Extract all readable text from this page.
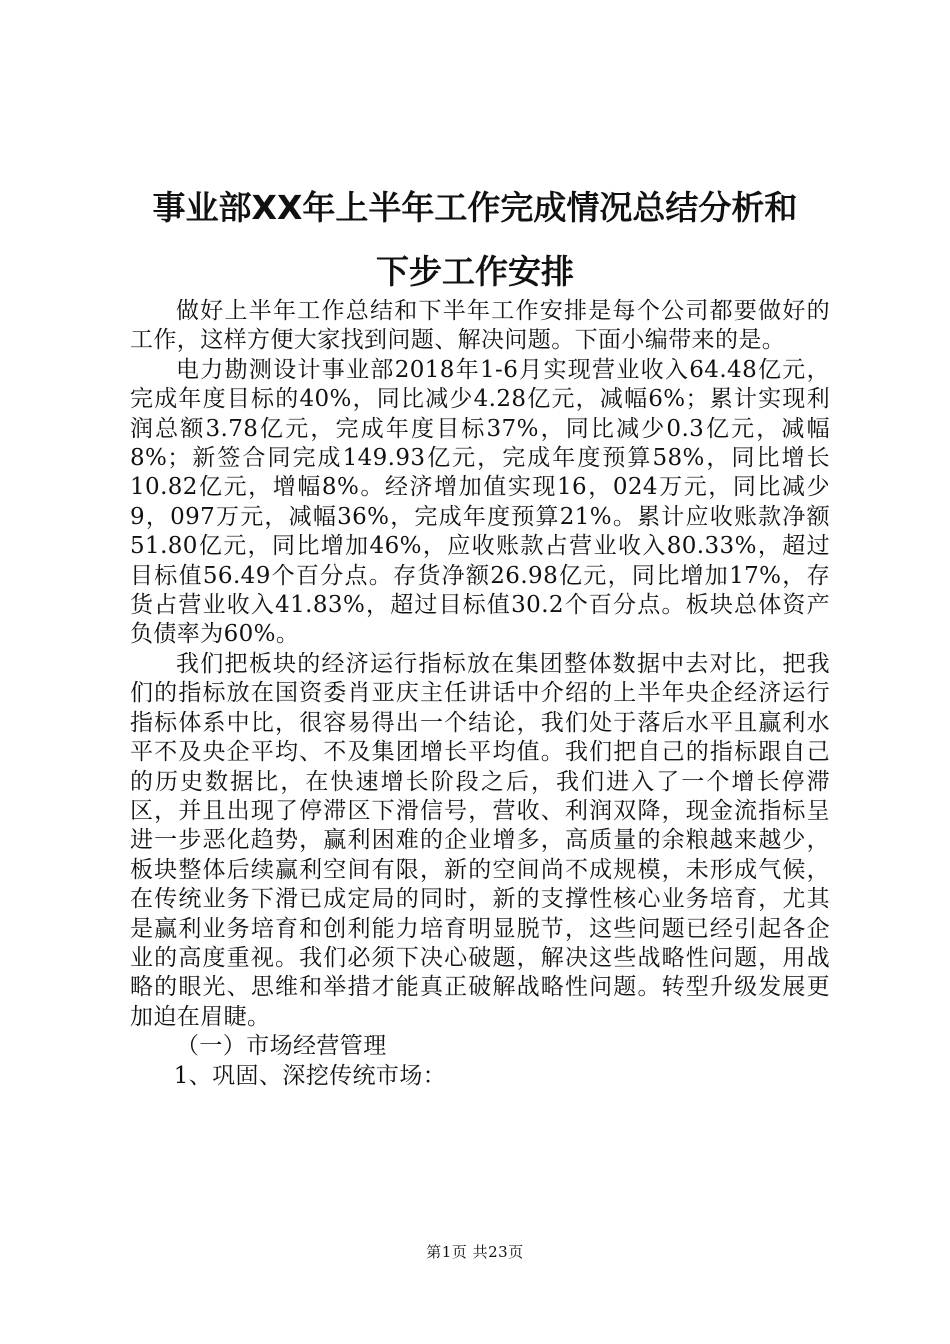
事业部XX年上半年工作完成情况总结分析和
下步工作安排

做好上半年工作总结和下半年工作安排是每个公司都要做好的工作，这样方便大家找到问题、解决问题。下面小编带来的是。

电力勘测设计事业部2018年1-6月实现营业收入64.48亿元，完成年度目标的40%，同比减少4.28亿元，减幅6%；累计实现利润总额3.78亿元，完成年度目标37%，同比减少0.3亿元，减幅8%；新签合同完成149.93亿元，完成年度预算58%，同比增长10.82亿元，增幅8%。经济增加值实现16，024万元，同比减少9，097万元，减幅36%，完成年度预算21%。累计应收账款净额51.80亿元，同比增加46%，应收账款占营业收入80.33%，超过目标值56.49个百分点。存货净额26.98亿元，同比增加17%，存货占营业收入41.83%，超过目标值30.2个百分点。板块总体资产负债率为60%。

我们把板块的经济运行指标放在集团整体数据中去对比，把我们的指标放在国资委肖亚庆主任讲话中介绍的上半年央企经济运行指标体系中比，很容易得出一个结论，我们处于落后水平且赢利水平不及央企平均、不及集团增长平均值。我们把自己的指标跟自己的历史数据比，在快速增长阶段之后，我们进入了一个增长停滞区，并且出现了停滞区下滑信号，营收、利润双降，现金流指标呈进一步恶化趋势，赢利困难的企业增多，高质量的余粮越来越少，板块整体后续赢利空间有限，新的空间尚不成规模，未形成气候，在传统业务下滑已成定局的同时，新的支撑性核心业务培育，尤其是赢利业务培育和创利能力培育明显脱节，这些问题已经引起各企业的高度重视。我们必须下决心破题，解决这些战略性问题，用战略的眼光、思维和举措才能真正破解战略性问题。转型升级发展更加迫在眉睫。

（一）市场经营管理

1、巩固、深挖传统市场：

第1页 共23页
